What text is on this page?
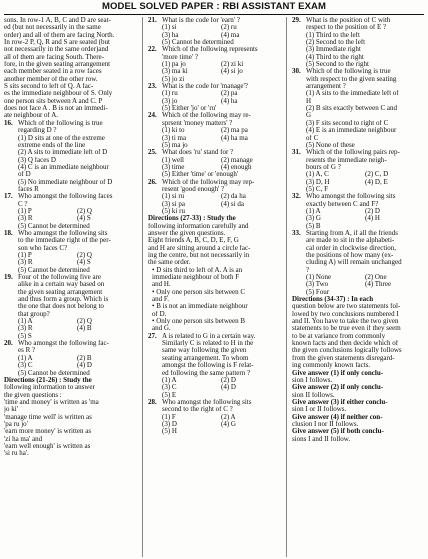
MODEL SOLVED PAPER : RBI ASSISTANT EXAM
sons. In row-1 A, B, C and D are seat-
ed (but not necessarily in the same
order) and all of them are facing North.
In row-2 P, Q, R and S are seated (but
not necessarily in the same order)and
all of them are facing South. There-
fore, in the given seating arrangement
each member seated in a row faces
another member of the other row.
S sits second to left of Q. A fac-
es the immediate neighbour of S. Only
one person sits between A and C. P
does not face A . B is not an immedi-
ate neighbour of A.
16. Which of the following is true
regarding D ?
(1) D sits at one of the extreme
extreme ends of the line
(2) A sits to immediate left of D
(3) Q faces D
(4) C is an immediate neighbour
of D
(5) No immediate neighbour of D
faces R
17. Who amongst the following faces
C ?
(1) P	(2) Q
(3) R	(4) S
(5) Cannot be determined
18. Who amongst the following sits
to the immediate right of the per-
son who faces C?
(1) P	(2) Q
(3) R	(4) S
(5) Cannot be determined
19. Four of the following five are
alike in a certain way based on
the given seating arrangement
and thus form a group. Which is
the one that does not belong to
that group?
(1) A	(2) Q
(3) R	(4) B
(5) S
20. Who amongst the following fac-
es R ?
(1) A	(2) B
(3) C	(4) D
(5) Cannot be determined
Directions (21-26) : Study the
following information to answer
the given questions :
'time and money' is written as 'ma
jo ki'
'manage time well' is written as
'pa ru jo'
'earn more money' is written as
'zi ha ma' and
'earn well enough' is written as
'si ru ha'.
21. What is the code for 'earn' ?
(1) si	(2) ru
(3) ha	(4) ma
(5) Cannot be determined
22. Which of the following represents
'more time' ?
(1) pa jo	(2) zi ki
(3) ma ki	(4) si jo
(5) jo zi
23. What is the code for 'manage'?
(1) ru	(2) pa
(3) jo	(4) ha
(5) Either 'jo' or 'ru'
24. Which of the following may re-
sprsent 'money matters' ?
(1) ki to	(2) ma pa
(3) ti ma	(4) ha ma
(5) ma jo
25. What does 'ru' stand for ?
(1) well	(2) manage
(3) time	(4) enough
(5) Either 'time' or 'enough'
26. Which of the following may rep-
resent 'good enough' ?
(1) si ru	(2) da ha
(3) si pa	(4) si da
(5) ki ru
Directions (27-33) : Study the
following information carefully and
answer the given questions.
Eight friends A, B, C, D, E, F, G
and H are sitting around a circle fac-
ing the centre, but not necessarily in
the same order.
• D sits third to left of A. A is an
immediate neighbour of both F
and H.
• Only one person sits between C
and F.
• B is not an immediate neighbour
of D.
• Only one person sits between B
and G.
27. A is related to G in a certain way.
Similarly C is related to H in the
same way following the given
seating arrangement. To whom
amongst the following is F relat-
ed following the same pattern ?
(1) A	(2) D
(3) C	(4) D
(5) E
28. Who amongst the following sits
second to the right of C ?
(1) F	(2) A
(3) D	(4) G
(5) H
29. What is the position of C with
respect to the position of E ?
(1) Third to the left
(2) Second to the left
(3) Immediate right
(4) Third to the right
(5) Second to the right
30. Which of the following is true
with respect to the given seating
arrangement ?
(1) A sits to the immediate left of
H
(2) B sits exactly between C and
G
(3) F sits second to right of C
(4) E is an immediate neighbour
of C
(5) None of these
31. Which of the following pairs rep-
resents the immediate neigh-
bours of G ?
(1) A, C	(2) C, D
(3) D, H	(4) D, E
(5) C, F
32. Who amongst the following sits
exactly between C and F?
(1) A	(2) D
(3) G	(4) H
(5) B
33. Starting from A, if all the friends
are made to sit in the alphabeti-
cal order in clockwise direction,
the positions of how many (ex-
cluding A) will remain unchanged
?
(1) None	(2) One
(3) Two	(4) Three
(5) Four
Directions (34-37) : In each
question below are two statements fol-
lowed by two conclusions numbered I
and II. You have to take the two given
statements to be true even if they seem
to be at variance from commonly
known facts and then decide which of
the given conclusions logically follows
from the given statements disregard-
ing commonly known facts.
Give answer (1) if only conclu-
sion I follows.
Give answer (2) if only conclu-
sion II follows.
Give answer (3) if either conclu-
sion I or II follows.
Give answer (4) if neither con-
clusion I nor II follows.
Give answer (5) if both conclu-
sions I and II follow.
